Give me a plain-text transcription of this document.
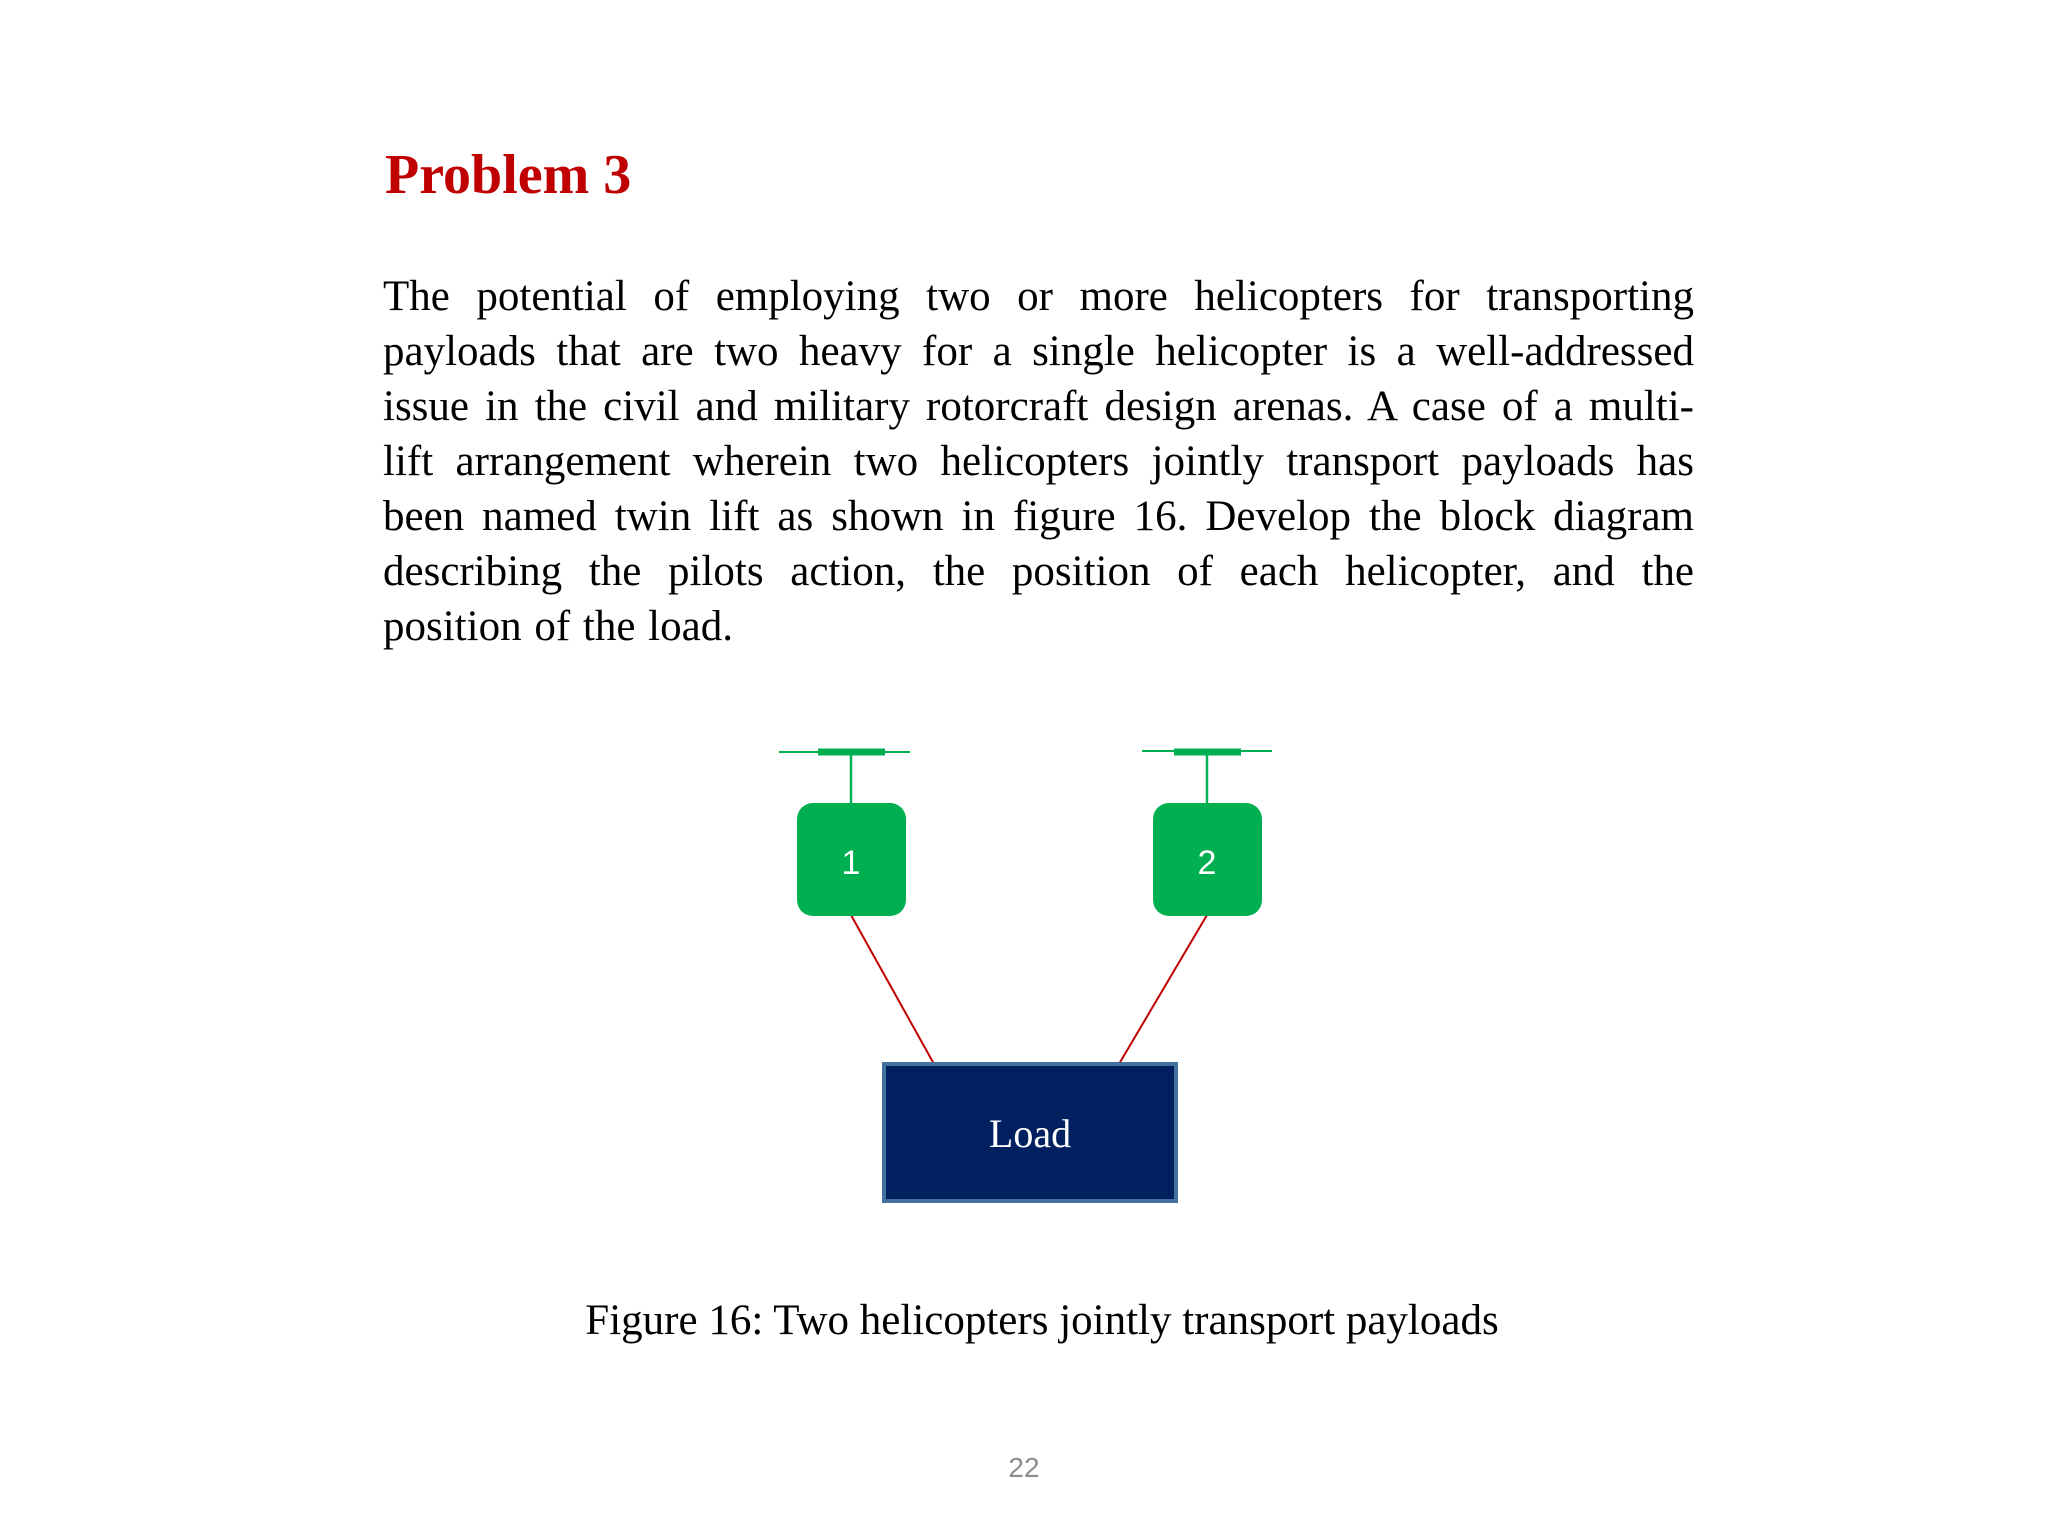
Problem 3

The potential of employing two or more helicopters for transporting payloads that are two heavy for a single helicopter is a well-addressed issue in the civil and military rotorcraft design arenas. A case of a multi-lift arrangement wherein two helicopters jointly transport payloads has been named twin lift as shown in figure 16. Develop the block diagram describing the pilots action, the position of each helicopter, and the position of the load.

1	2
Load

Figure 16: Two helicopters jointly transport payloads

22
